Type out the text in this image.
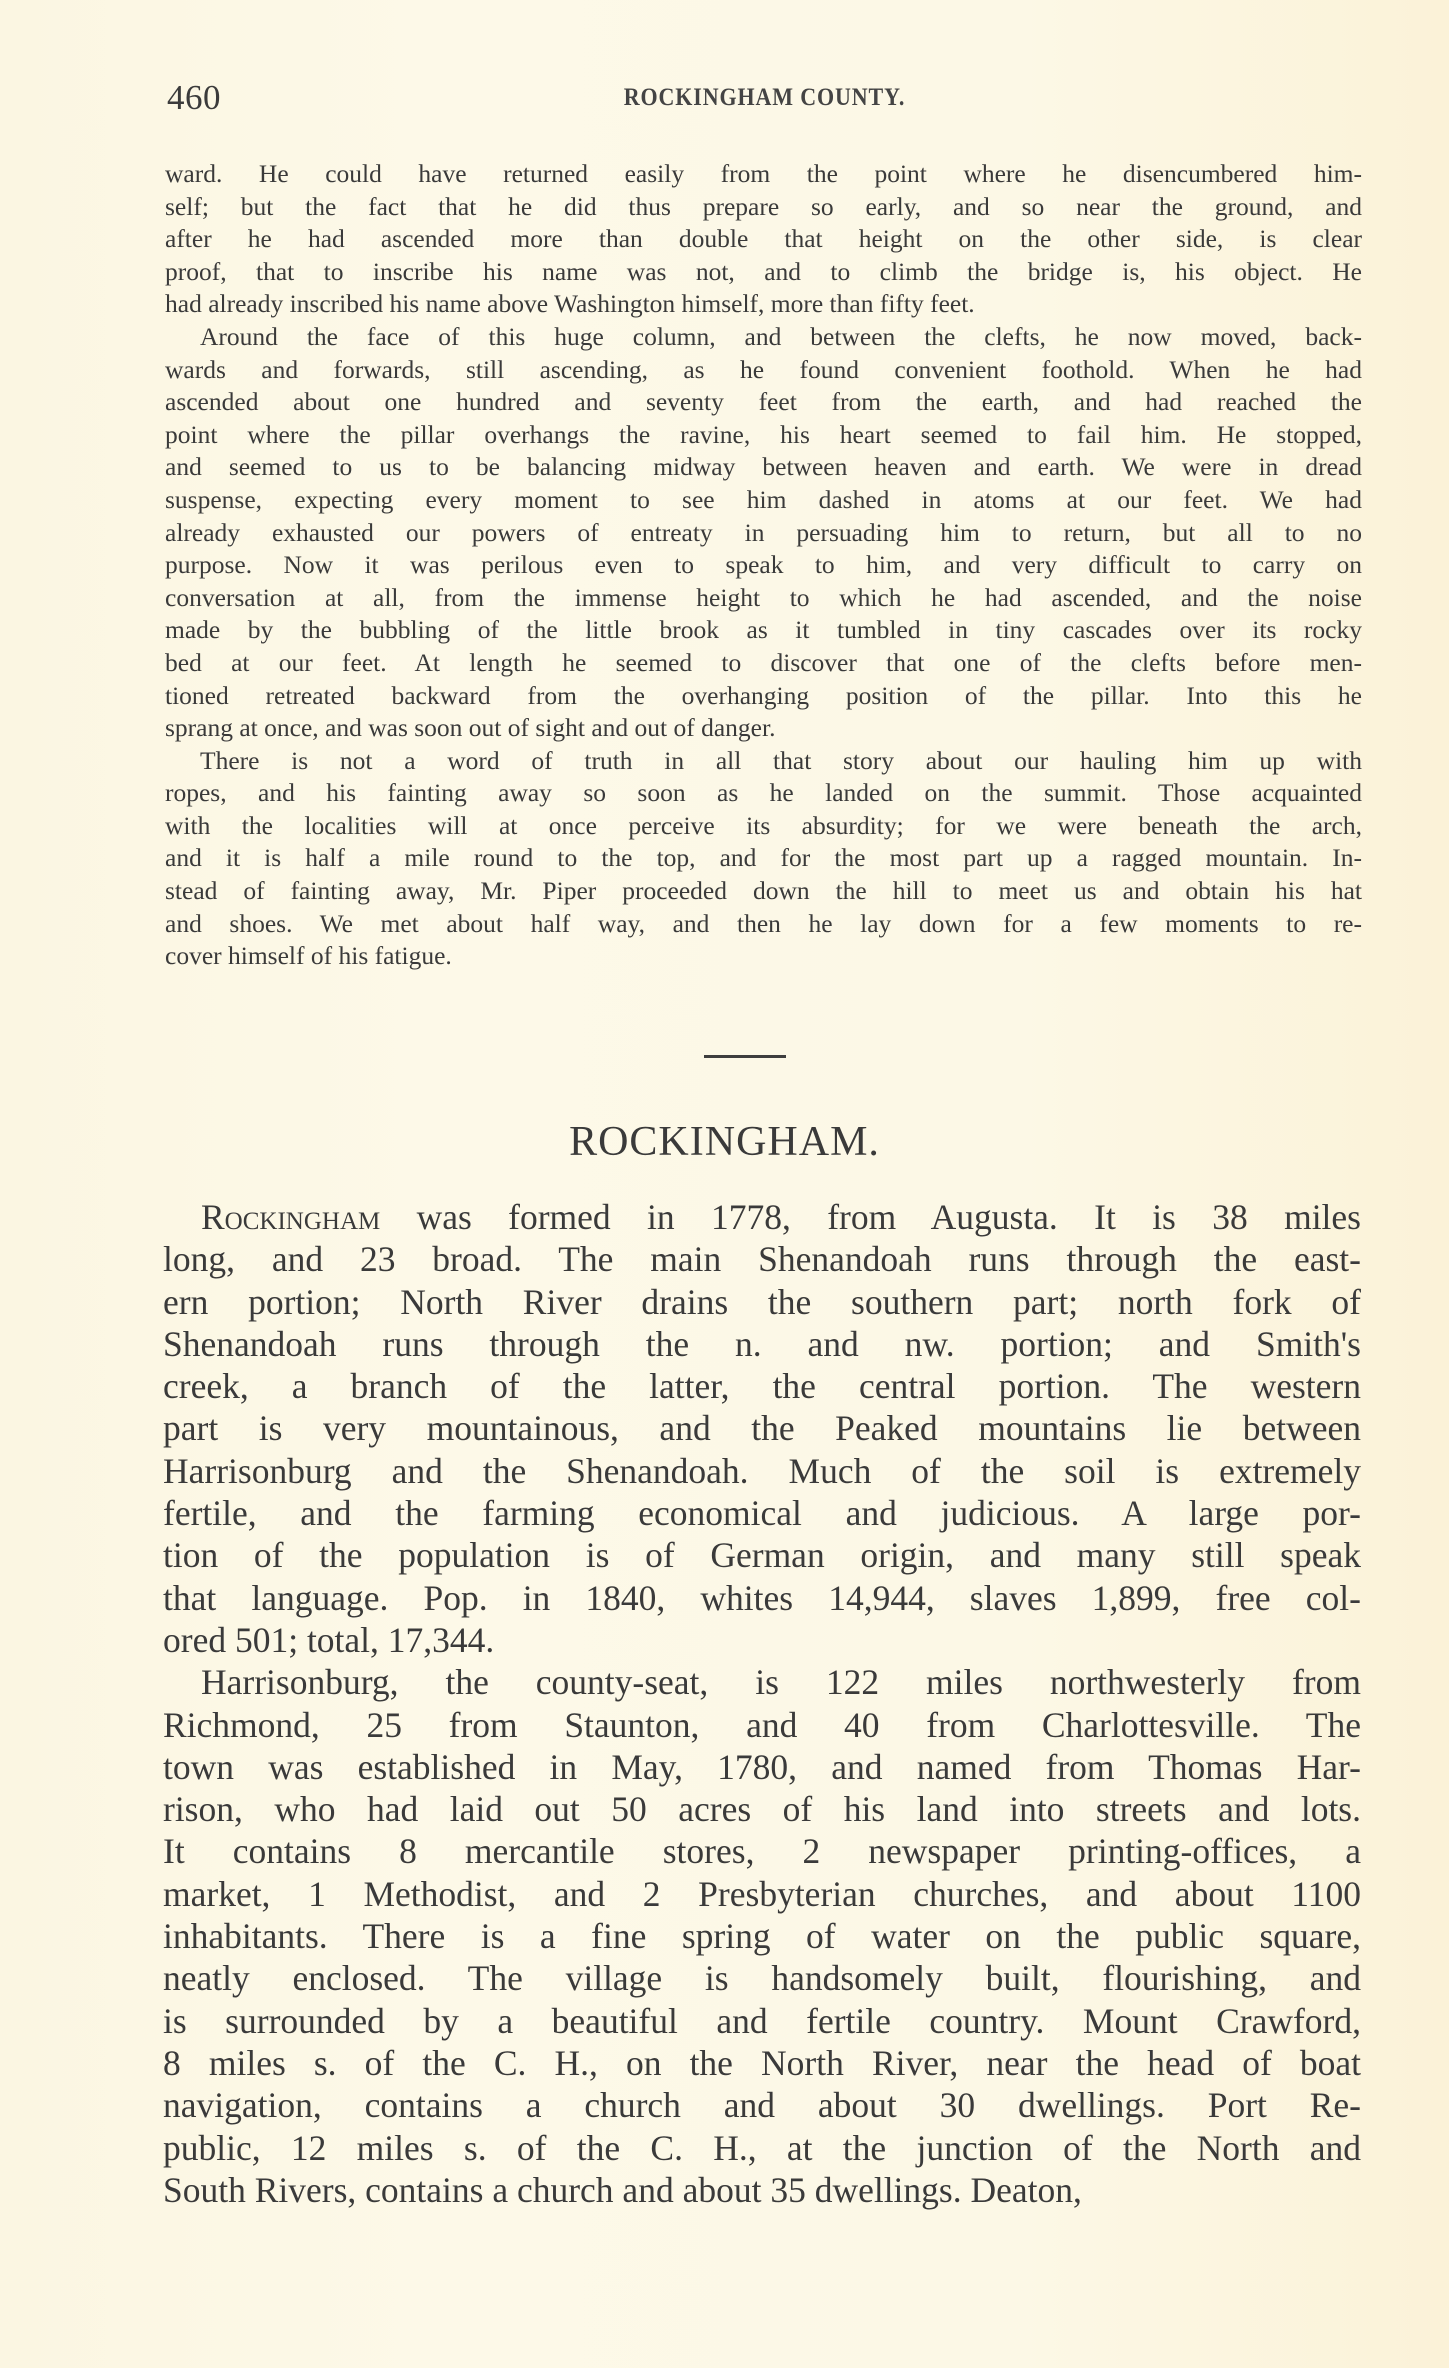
460	ROCKINGHAM COUNTY.

ward. He could have returned easily from the point where he disencumbered him-
self; but the fact that he did thus prepare so early, and so near the ground, and
after he had ascended more than double that height on the other side, is clear
proof, that to inscribe his name was not, and to climb the bridge is, his object. He
had already inscribed his name above Washington himself, more than fifty feet.

Around the face of this huge column, and between the clefts, he now moved, back-
wards and forwards, still ascending, as he found convenient foothold. When he had
ascended about one hundred and seventy feet from the earth, and had reached the
point where the pillar overhangs the ravine, his heart seemed to fail him. He stopped,
and seemed to us to be balancing midway between heaven and earth. We were in dread
suspense, expecting every moment to see him dashed in atoms at our feet. We had
already exhausted our powers of entreaty in persuading him to return, but all to no
purpose. Now it was perilous even to speak to him, and very difficult to carry on
conversation at all, from the immense height to which he had ascended, and the noise
made by the bubbling of the little brook as it tumbled in tiny cascades over its rocky
bed at our feet. At length he seemed to discover that one of the clefts before men-
tioned retreated backward from the overhanging position of the pillar. Into this he
sprang at once, and was soon out of sight and out of danger.

There is not a word of truth in all that story about our hauling him up with
ropes, and his fainting away so soon as he landed on the summit. Those acquainted
with the localities will at once perceive its absurdity; for we were beneath the arch,
and it is half a mile round to the top, and for the most part up a ragged mountain. In-
stead of fainting away, Mr. Piper proceeded down the hill to meet us and obtain his hat
and shoes. We met about half way, and then he lay down for a few moments to re-
cover himself of his fatigue.

ROCKINGHAM.

Rockingham was formed in 1778, from Augusta. It is 38 miles
long, and 23 broad. The main Shenandoah runs through the east-
ern portion; North River drains the southern part; north fork of
Shenandoah runs through the n. and nw. portion; and Smith's
creek, a branch of the latter, the central portion. The western
part is very mountainous, and the Peaked mountains lie between
Harrisonburg and the Shenandoah. Much of the soil is extremely
fertile, and the farming economical and judicious. A large por-
tion of the population is of German origin, and many still speak
that language. Pop. in 1840, whites 14,944, slaves 1,899, free col-
ored 501; total, 17,344.

Harrisonburg, the county-seat, is 122 miles northwesterly from
Richmond, 25 from Staunton, and 40 from Charlottesville. The
town was established in May, 1780, and named from Thomas Har-
rison, who had laid out 50 acres of his land into streets and lots.
It contains 8 mercantile stores, 2 newspaper printing-offices, a
market, 1 Methodist, and 2 Presbyterian churches, and about 1100
inhabitants. There is a fine spring of water on the public square,
neatly enclosed. The village is handsomely built, flourishing, and
is surrounded by a beautiful and fertile country. Mount Crawford,
8 miles s. of the C. H., on the North River, near the head of boat
navigation, contains a church and about 30 dwellings. Port Re-
public, 12 miles s. of the C. H., at the junction of the North and
South Rivers, contains a church and about 35 dwellings. Deaton,
